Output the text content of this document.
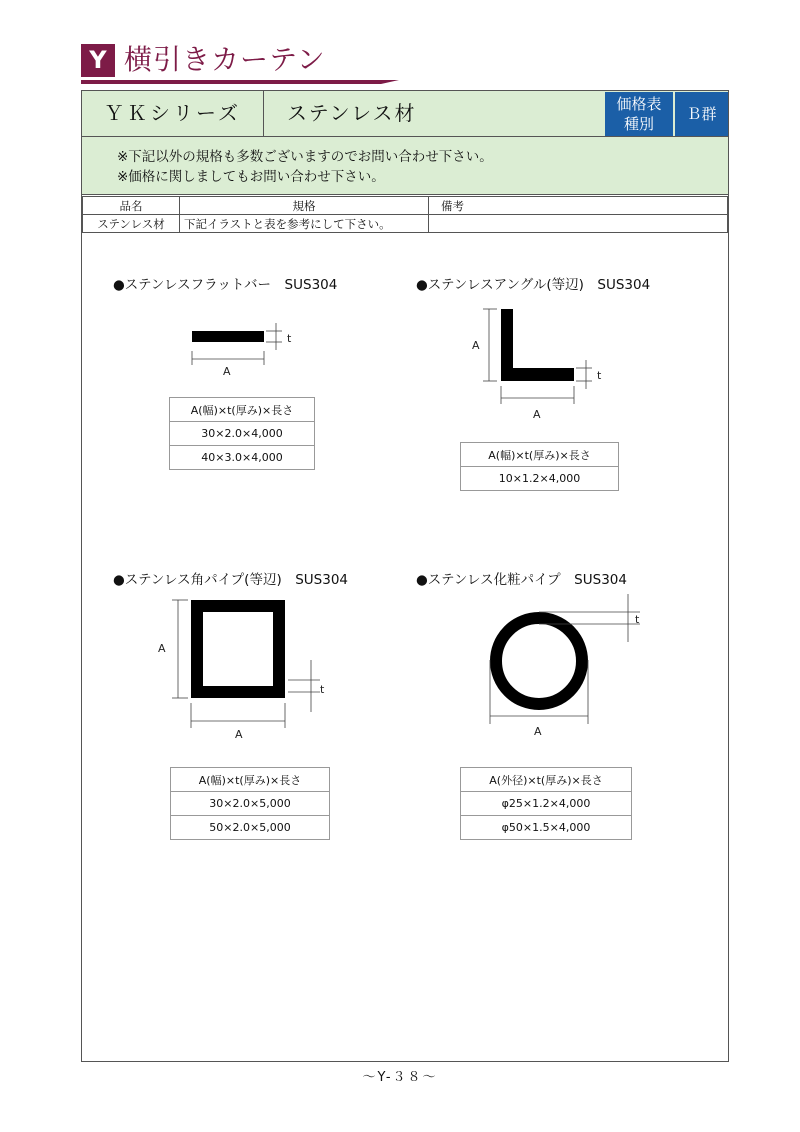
Y 横引きカーテン
ＹＫシリーズ	ステンレス材	価格表
種別
Ｂ群
※下記以外の規格も多数ございますのでお問い合わせ下さい。
※価格に関しましてもお問い合わせ下さい。
品名	規格	備考
ステンレス材	下記イラストと表を参考にして下さい。	
●ステンレスフラットバー　SUS304
A
t
A(幅)×t(厚み)×長さ
30×2.0×4,000
40×3.0×4,000
●ステンレスアングル(等辺)　SUS304
A
A
t
A(幅)×t(厚み)×長さ
10×1.2×4,000
●ステンレス角パイプ(等辺)　SUS304
A
A
t
A(幅)×t(厚み)×長さ
30×2.0×5,000
50×2.0×5,000
●ステンレス化粧パイプ　SUS304
t
A
A(外径)×t(厚み)×長さ
φ25×1.2×4,000
φ50×1.5×4,000
～Y-３８～
